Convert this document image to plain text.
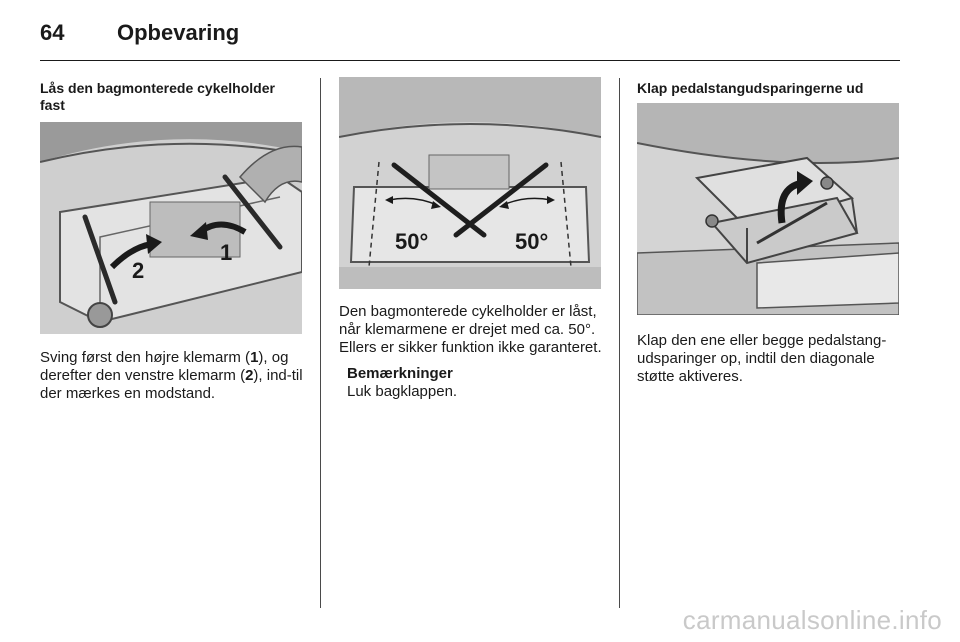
64 Opbevaring

Lås den bagmonterede cykelholder fast

1
2

Sving først den højre klemarm (1), og derefter den venstre klemarm (2), ind-til der mærkes en modstand.

50°	50°

Den bagmonterede cykelholder er låst, når klemarmene er drejet med ca. 50°. Ellers er sikker funktion ikke garanteret.

Bemærkninger

Luk bagklappen.

Klap pedalstangudsparingerne ud

Klap den ene eller begge pedalstang-udsparinger op, indtil den diagonale støtte aktiveres.

carmanualsonline.info
